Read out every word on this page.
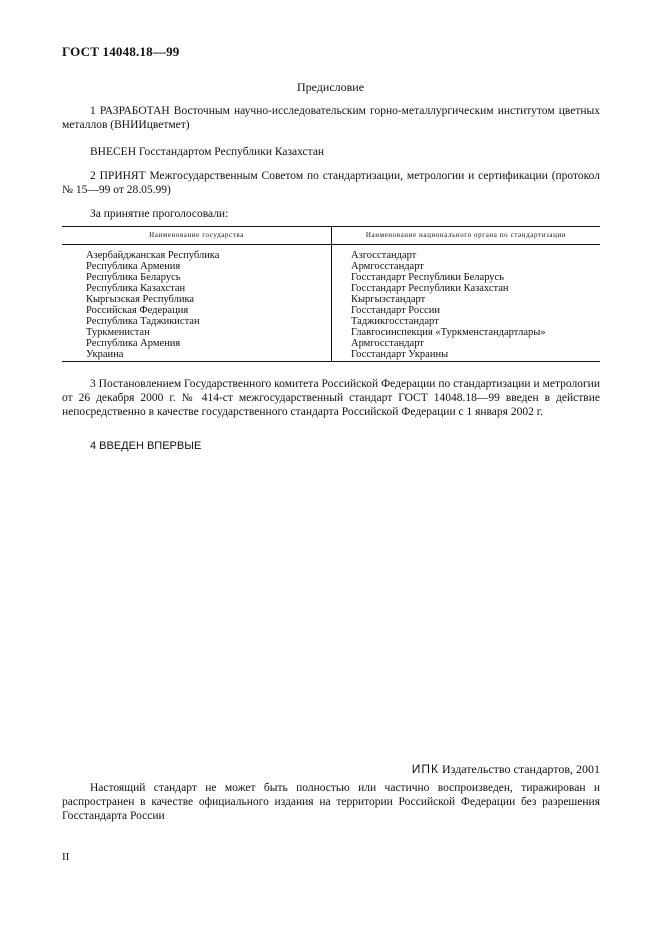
ГОСТ 14048.18—99
Предисловие

1 РАЗРАБОТАН Восточным научно-исследовательским горно-металлургическим институтом цветных металлов (ВНИИцветмет)

ВНЕСЕН Госстандартом Республики Казахстан

2 ПРИНЯТ Межгосударственным Советом по стандартизации, метрологии и сертификации (протокол № 15—99 от 28.05.99)

За принятие проголосовали:
Наименование государства	Наименование национального органа по стандартизации
Азербайджанская Республика
Республика Армения
Республика Беларусь
Республика Казахстан
Кыргызская Республика
Российская Федерация
Республика Таджикистан
Туркменистан
Республика Армения
Украина
Азгосстандарт
Армгосстандарт
Госстандарт Республики Беларусь
Госстандарт Республики Казахстан
Кыргызстандарт
Госстандарт России
Таджикгосстандарт
Главгосинспекция «Туркменстандартлары»
Армгосстандарт
Госстандарт Украины

3 Постановлением Государственного комитета Российской Федерации по стандартизации и метрологии от 26 декабря 2000 г. № 414-ст межгосударственный стандарт ГОСТ 14048.18—99 введен в действие непосредственно в качестве государственного стандарта Российской Федерации с 1 января 2002 г.

4 ВВЕДЕН ВПЕРВЫЕ

ИПК Издательство стандартов, 2001

Настоящий стандарт не может быть полностью или частично воспроизведен, тиражирован и распространен в качестве официального издания на территории Российской Федерации без разрешения Госстандарта России

II
